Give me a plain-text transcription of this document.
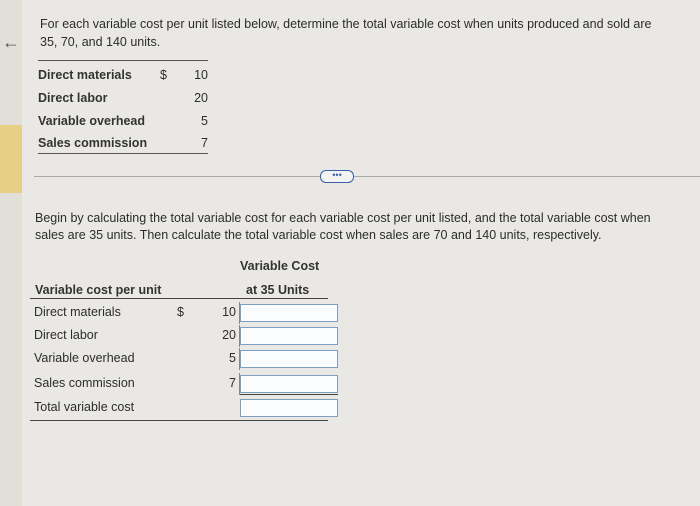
←
For each variable cost per unit listed below, determine the total variable cost when units produced and sold are 35, 70, and 140 units.
Direct materials $ 10
Direct labor	20
Variable overhead	5
Sales commission	7
•••
Begin by calculating the total variable cost for each variable cost per unit listed, and the total variable cost when sales are 35 units. Then calculate the total variable cost when sales are 70 and 140 units, respectively.
Variable Cost
Variable cost per unit	at 35 Units
Direct materials	$	10
Direct labor	20
Variable overhead	5
Sales commission	7
Total variable cost
